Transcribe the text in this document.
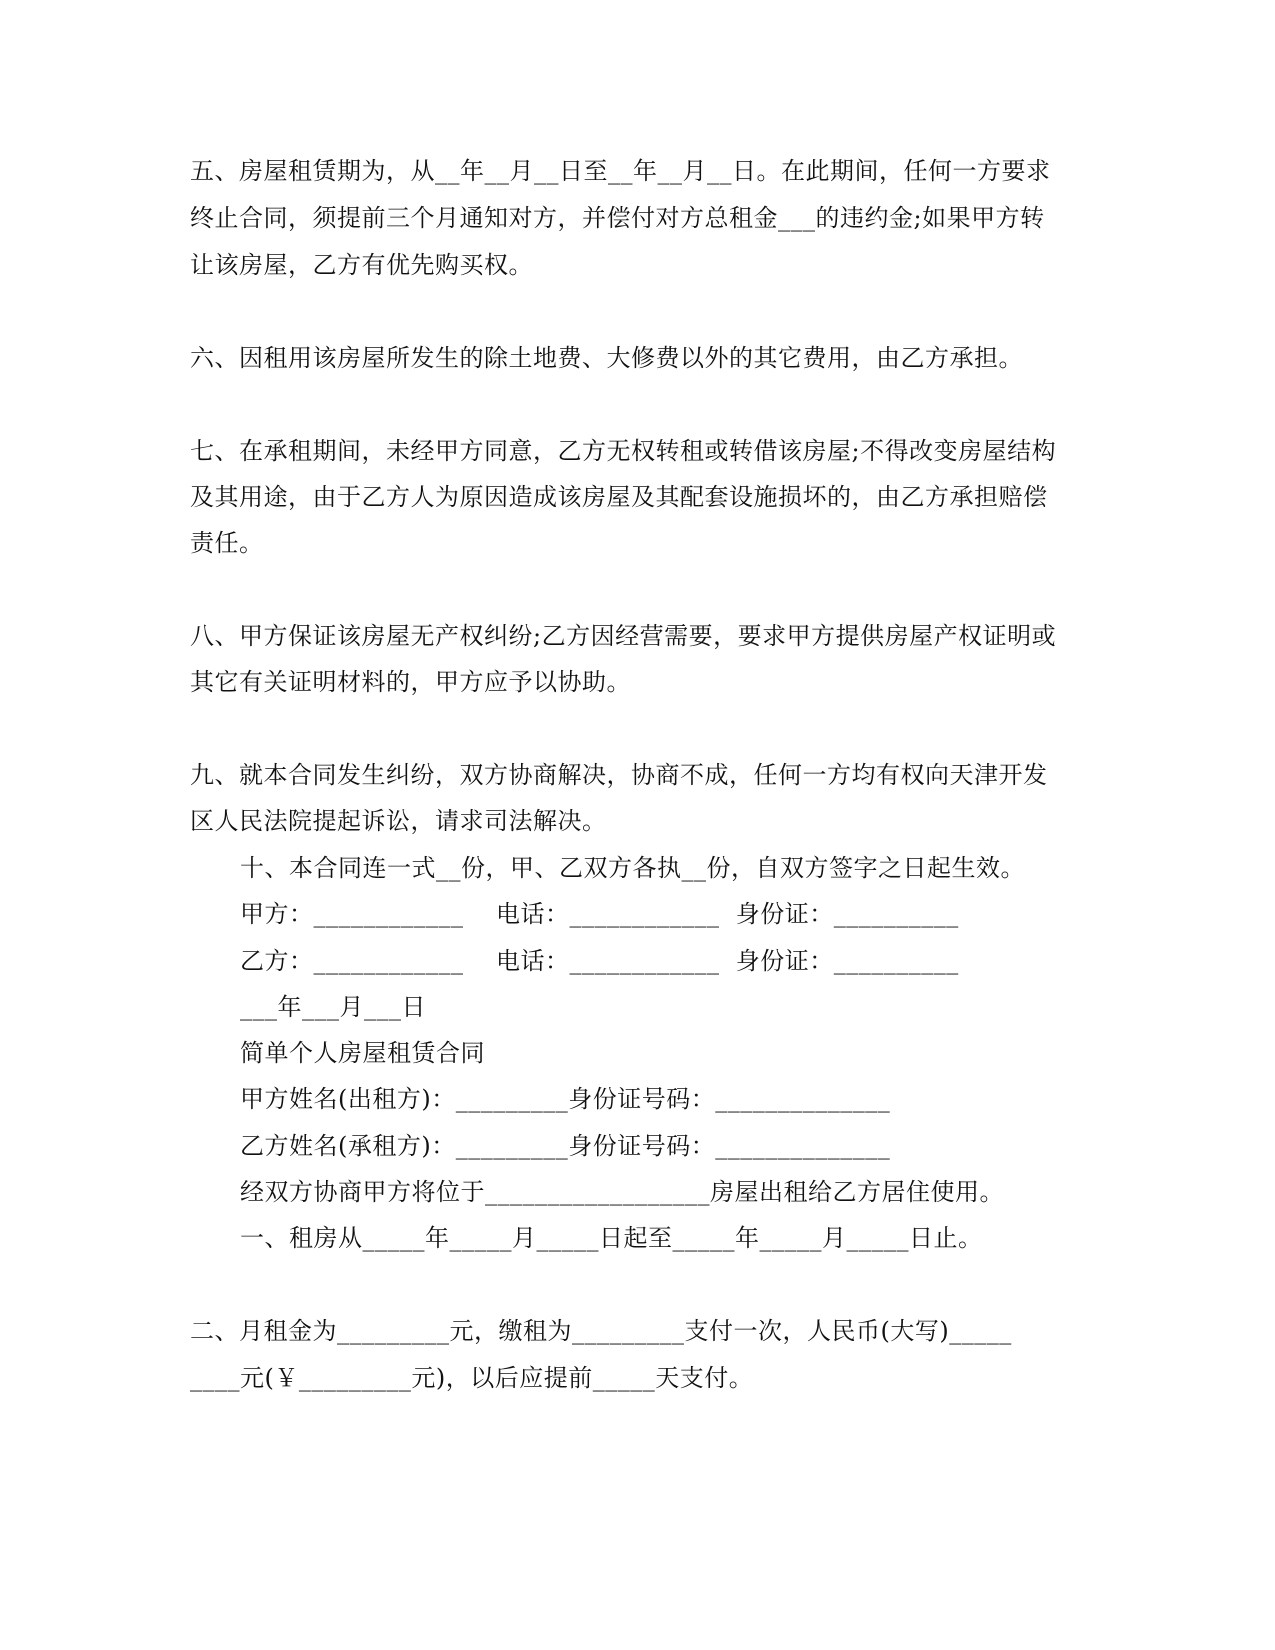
五、房屋租赁期为，从__年__月__日至__年__月__日。在此期间，任何一方要求
终止合同，须提前三个月通知对方，并偿付对方总租金___的违约金;如果甲方转
让该房屋，乙方有优先购买权。
六、因租用该房屋所发生的除土地费、大修费以外的其它费用，由乙方承担。
七、在承租期间，未经甲方同意，乙方无权转租或转借该房屋;不得改变房屋结构
及其用途，由于乙方人为原因造成该房屋及其配套设施损坏的，由乙方承担赔偿
责任。
八、甲方保证该房屋无产权纠纷;乙方因经营需要，要求甲方提供房屋产权证明或
其它有关证明材料的，甲方应予以协助。
九、就本合同发生纠纷，双方协商解决，协商不成，任何一方均有权向天津开发
区人民法院提起诉讼，请求司法解决。
十、本合同连一式__份，甲、乙双方各执__份，自双方签字之日起生效。
甲方：____________    电话：____________  身份证：__________
乙方：____________    电话：____________  身份证：__________
___年___月___日
简单个人房屋租赁合同
甲方姓名(出租方)：_________身份证号码：______________
乙方姓名(承租方)：_________身份证号码：______________
经双方协商甲方将位于__________________房屋出租给乙方居住使用。
一、租房从_____年_____月_____日起至_____年_____月_____日止。
二、月租金为_________元，缴租为_________支付一次，人民币(大写)_____
____元(￥_________元)，以后应提前_____天支付。
